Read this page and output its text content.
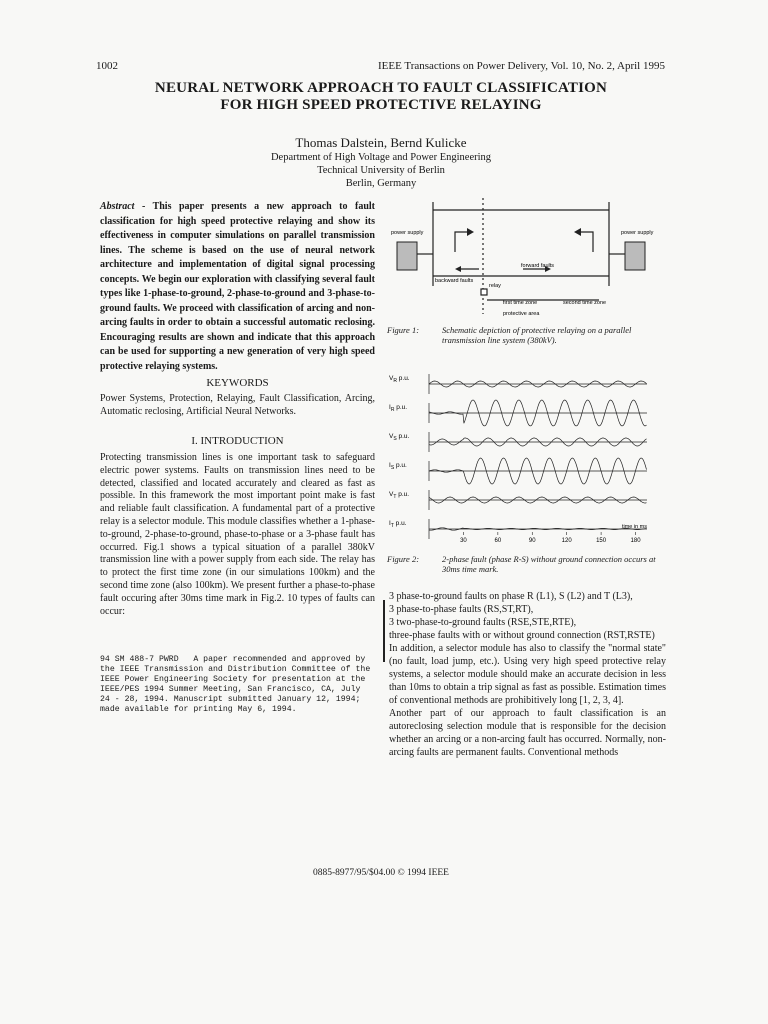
1002	IEEE Transactions on Power Delivery, Vol. 10, No. 2, April 1995
NEURAL NETWORK APPROACH TO FAULT CLASSIFICATION
FOR HIGH SPEED PROTECTIVE RELAYING
Thomas Dalstein, Bernd Kulicke
Department of High Voltage and Power Engineering
Technical University of Berlin
Berlin, Germany
Abstract - This paper presents a new approach to fault classification for high speed protective relaying and show its effectiveness in computer simulations on parallel transmission lines. The scheme is based on the use of neural network architecture and implementation of digital signal processing concepts. We begin our exploration with classifying several fault types like 1-phase-to-ground, 2-phase-to-ground and 3-phase-to-ground faults. We proceed with classification of arcing and non-arcing faults in order to obtain a successful automatic reclosing. Encouraging results are shown and indicate that this approach can be used for supporting a new generation of very high speed protective relaying systems.
KEYWORDS
Power Systems, Protection, Relaying, Fault Classification, Arcing, Automatic reclosing, Artificial Neural Networks.
I. INTRODUCTION
Protecting transmission lines is one important task to safeguard electric power systems. Faults on transmission lines need to be detected, classified and located accurately and cleared as fast as possible. In this framework the most important point make is fast and reliable fault classification. A fundamental part of a protective relay is a selector module. This module classifies whether a 1-phase-to-ground, 2-phase-to-ground, phase-to-phase or a 3-phase fault has occurred. Fig.1 shows a typical situation of a parallel 380kV transmission line with a power supply from each side. The relay has to protect the first time zone (in our simulations 100km) and the second time zone (also 100km). We present further a phase-to-phase fault occuring after 30ms time mark in Fig.2. 10 types of faults can occur:
94 SM 488-7 PWRD   A paper recommended and approved by the IEEE Transmission and Distribution Committee of the IEEE Power Engineering Society for presentation at the IEEE/PES 1994 Summer Meeting, San Francisco, CA, July 24 - 28, 1994. Manuscript submitted January 12, 1994; made available for printing May 6, 1994.
power supply	power supply
forward faults
backward faults
relay
first time zone	second time zone
protective area
Figure 1:	Schematic depiction of protective relaying on a parallel transmission line system (380kV).
$V_R$ p.u.
$I_R$ p.u.
$V_S$ p.u.
$I_S$ p.u.
$V_T$ p.u.
$I_T$ p.u.	time in ms
30	60	90	120	150	180
Figure 2:	2-phase fault (phase R-S) without ground connection occurs at 30ms time mark.

3 phase-to-ground faults on phase R (L1), S (L2) and T (L3),

3 phase-to-phase faults (RS,ST,RT),

3 two-phase-to-ground faults (RSE,STE,RTE),

three-phase faults with or without ground connection (RST,RSTE)

In addition, a selector module has also to classify the "normal state" (no fault, load jump, etc.). Using very high speed protective relay systems, a selector module should make an accurate decision in less than 10ms to obtain a trip signal as fast as possible. Estimation times of conventional methods are prohibitively long [1, 2, 3, 4].

Another part of our approach to fault classification is an autoreclosing selection module that is responsible for the decision whether an arcing or a non-arcing fault has occurred. Normally, non-arcing faults are permanent faults. Conventional methods

0885-8977/95/$04.00 © 1994 IEEE
